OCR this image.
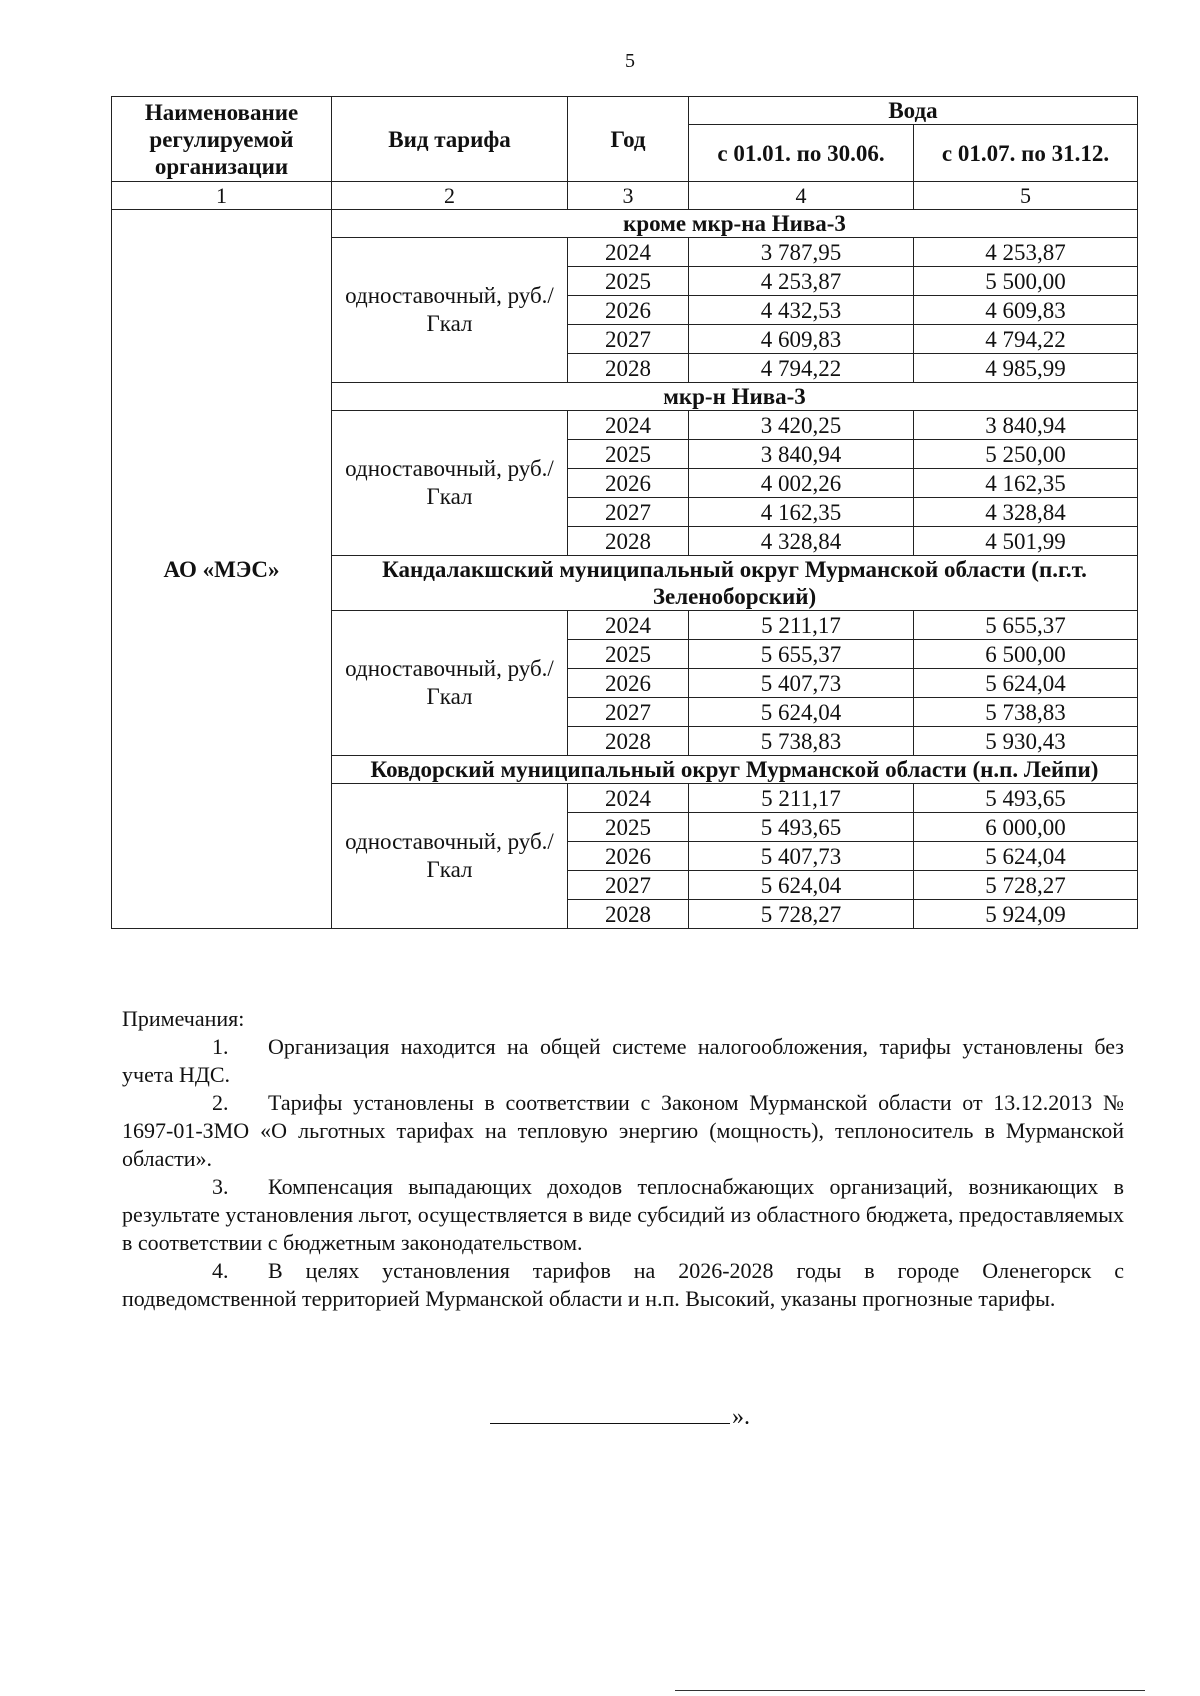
5
Наименование регулируемой организации	Вид тарифа	Год	Вода	
			с 01.01. по 30.06.	с 01.07. по 31.12.
1	2	3	4	5
АО «МЭС»	кроме мкр-на Нива-3			
	одноставочный, руб./Гкал	2024	3 787,95	4 253,87
		2025	4 253,87	5 500,00
		2026	4 432,53	4 609,83
		2027	4 609,83	4 794,22
		2028	4 794,22	4 985,99
	мкр-н Нива-3			
	одноставочный, руб./Гкал	2024	3 420,25	3 840,94
		2025	3 840,94	5 250,00
		2026	4 002,26	4 162,35
		2027	4 162,35	4 328,84
		2028	4 328,84	4 501,99
	Кандалакшский муниципальный округ Мурманской области (п.г.т. Зеленоборский)			
	одноставочный, руб./Гкал	2024	5 211,17	5 655,37
		2025	5 655,37	6 500,00
		2026	5 407,73	5 624,04
		2027	5 624,04	5 738,83
		2028	5 738,83	5 930,43
	Ковдорский муниципальный округ Мурманской области (н.п. Лейпи)			
	одноставочный, руб./Гкал	2024	5 211,17	5 493,65
		2025	5 493,65	6 000,00
		2026	5 407,73	5 624,04
		2027	5 624,04	5 728,27
		2028	5 728,27	5 924,09

Примечания:

1. Организация находится на общей системе налогообложения, тарифы установлены без учета НДС.

2. Тарифы установлены в соответствии с Законом Мурманской области от 13.12.2013 № 1697-01-ЗМО «О льготных тарифах на тепловую энергию (мощность), теплоноситель в Мурманской области».

3. Компенсация выпадающих доходов теплоснабжающих организаций, возникающих в результате установления льгот, осуществляется в виде субсидий из областного бюджета, предоставляемых в соответствии с бюджетным законодательством.

4. В целях установления тарифов на 2026-2028 годы в городе Оленегорск с подведомственной территорией Мурманской области и н.п. Высокий, указаны прогнозные тарифы.

».
